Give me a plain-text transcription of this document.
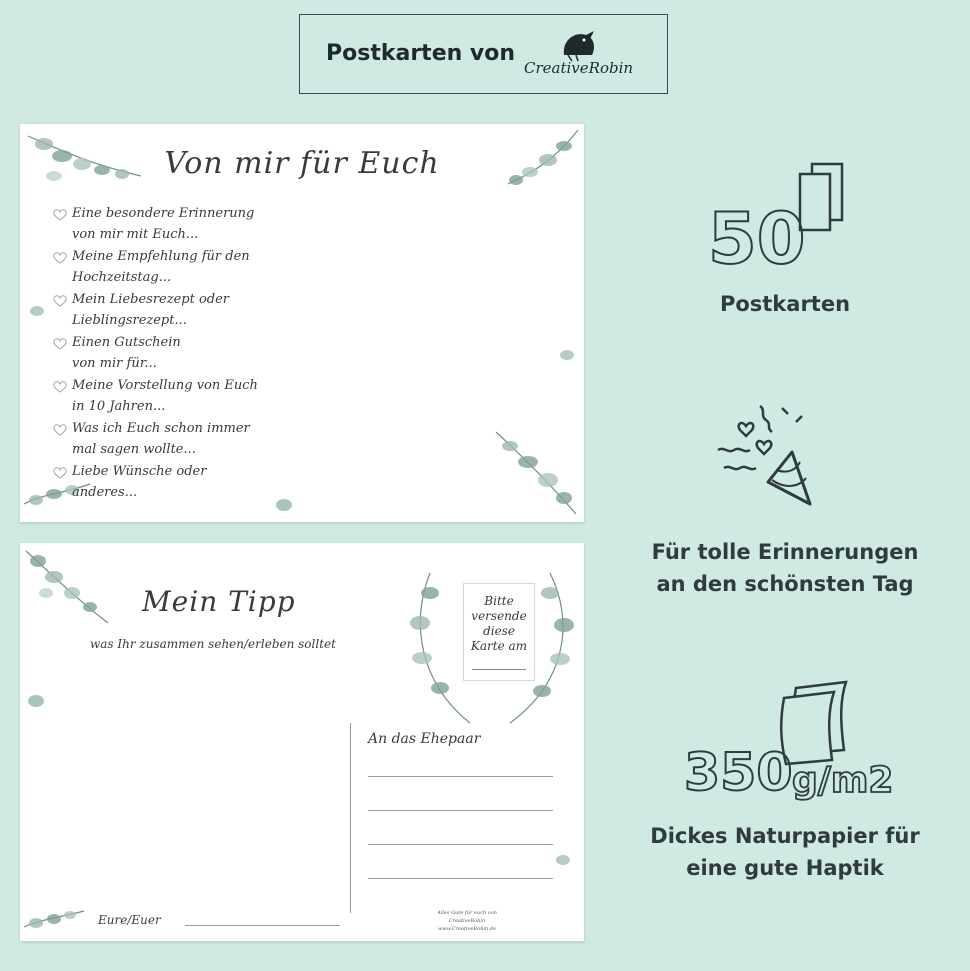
Postkarten von
CreativeRobin
Von mir für Euch
Eine besondere Erinnerung
von mir mit Euch...
Meine Empfehlung für den
Hochzeitstag...
Mein Liebesrezept oder
Lieblingsrezept...
Einen Gutschein
von mir für...
Meine Vorstellung von Euch
in 10 Jahren...
Was ich Euch schon immer
mal sagen wollte...
Liebe Wünsche oder
anderes...
Mein Tipp
was Ihr zusammen sehen/erleben solltet
Bitte
versende
diese
Karte am
An das Ehepaar
Eure/Euer	Alles Gute für euch von CreativeRobin
www.CreativeRobin.de
50
Postkarten
Für tolle Erinnerungen
an den schönsten Tag
350 g/m2
Dickes Naturpapier für
eine gute Haptik
